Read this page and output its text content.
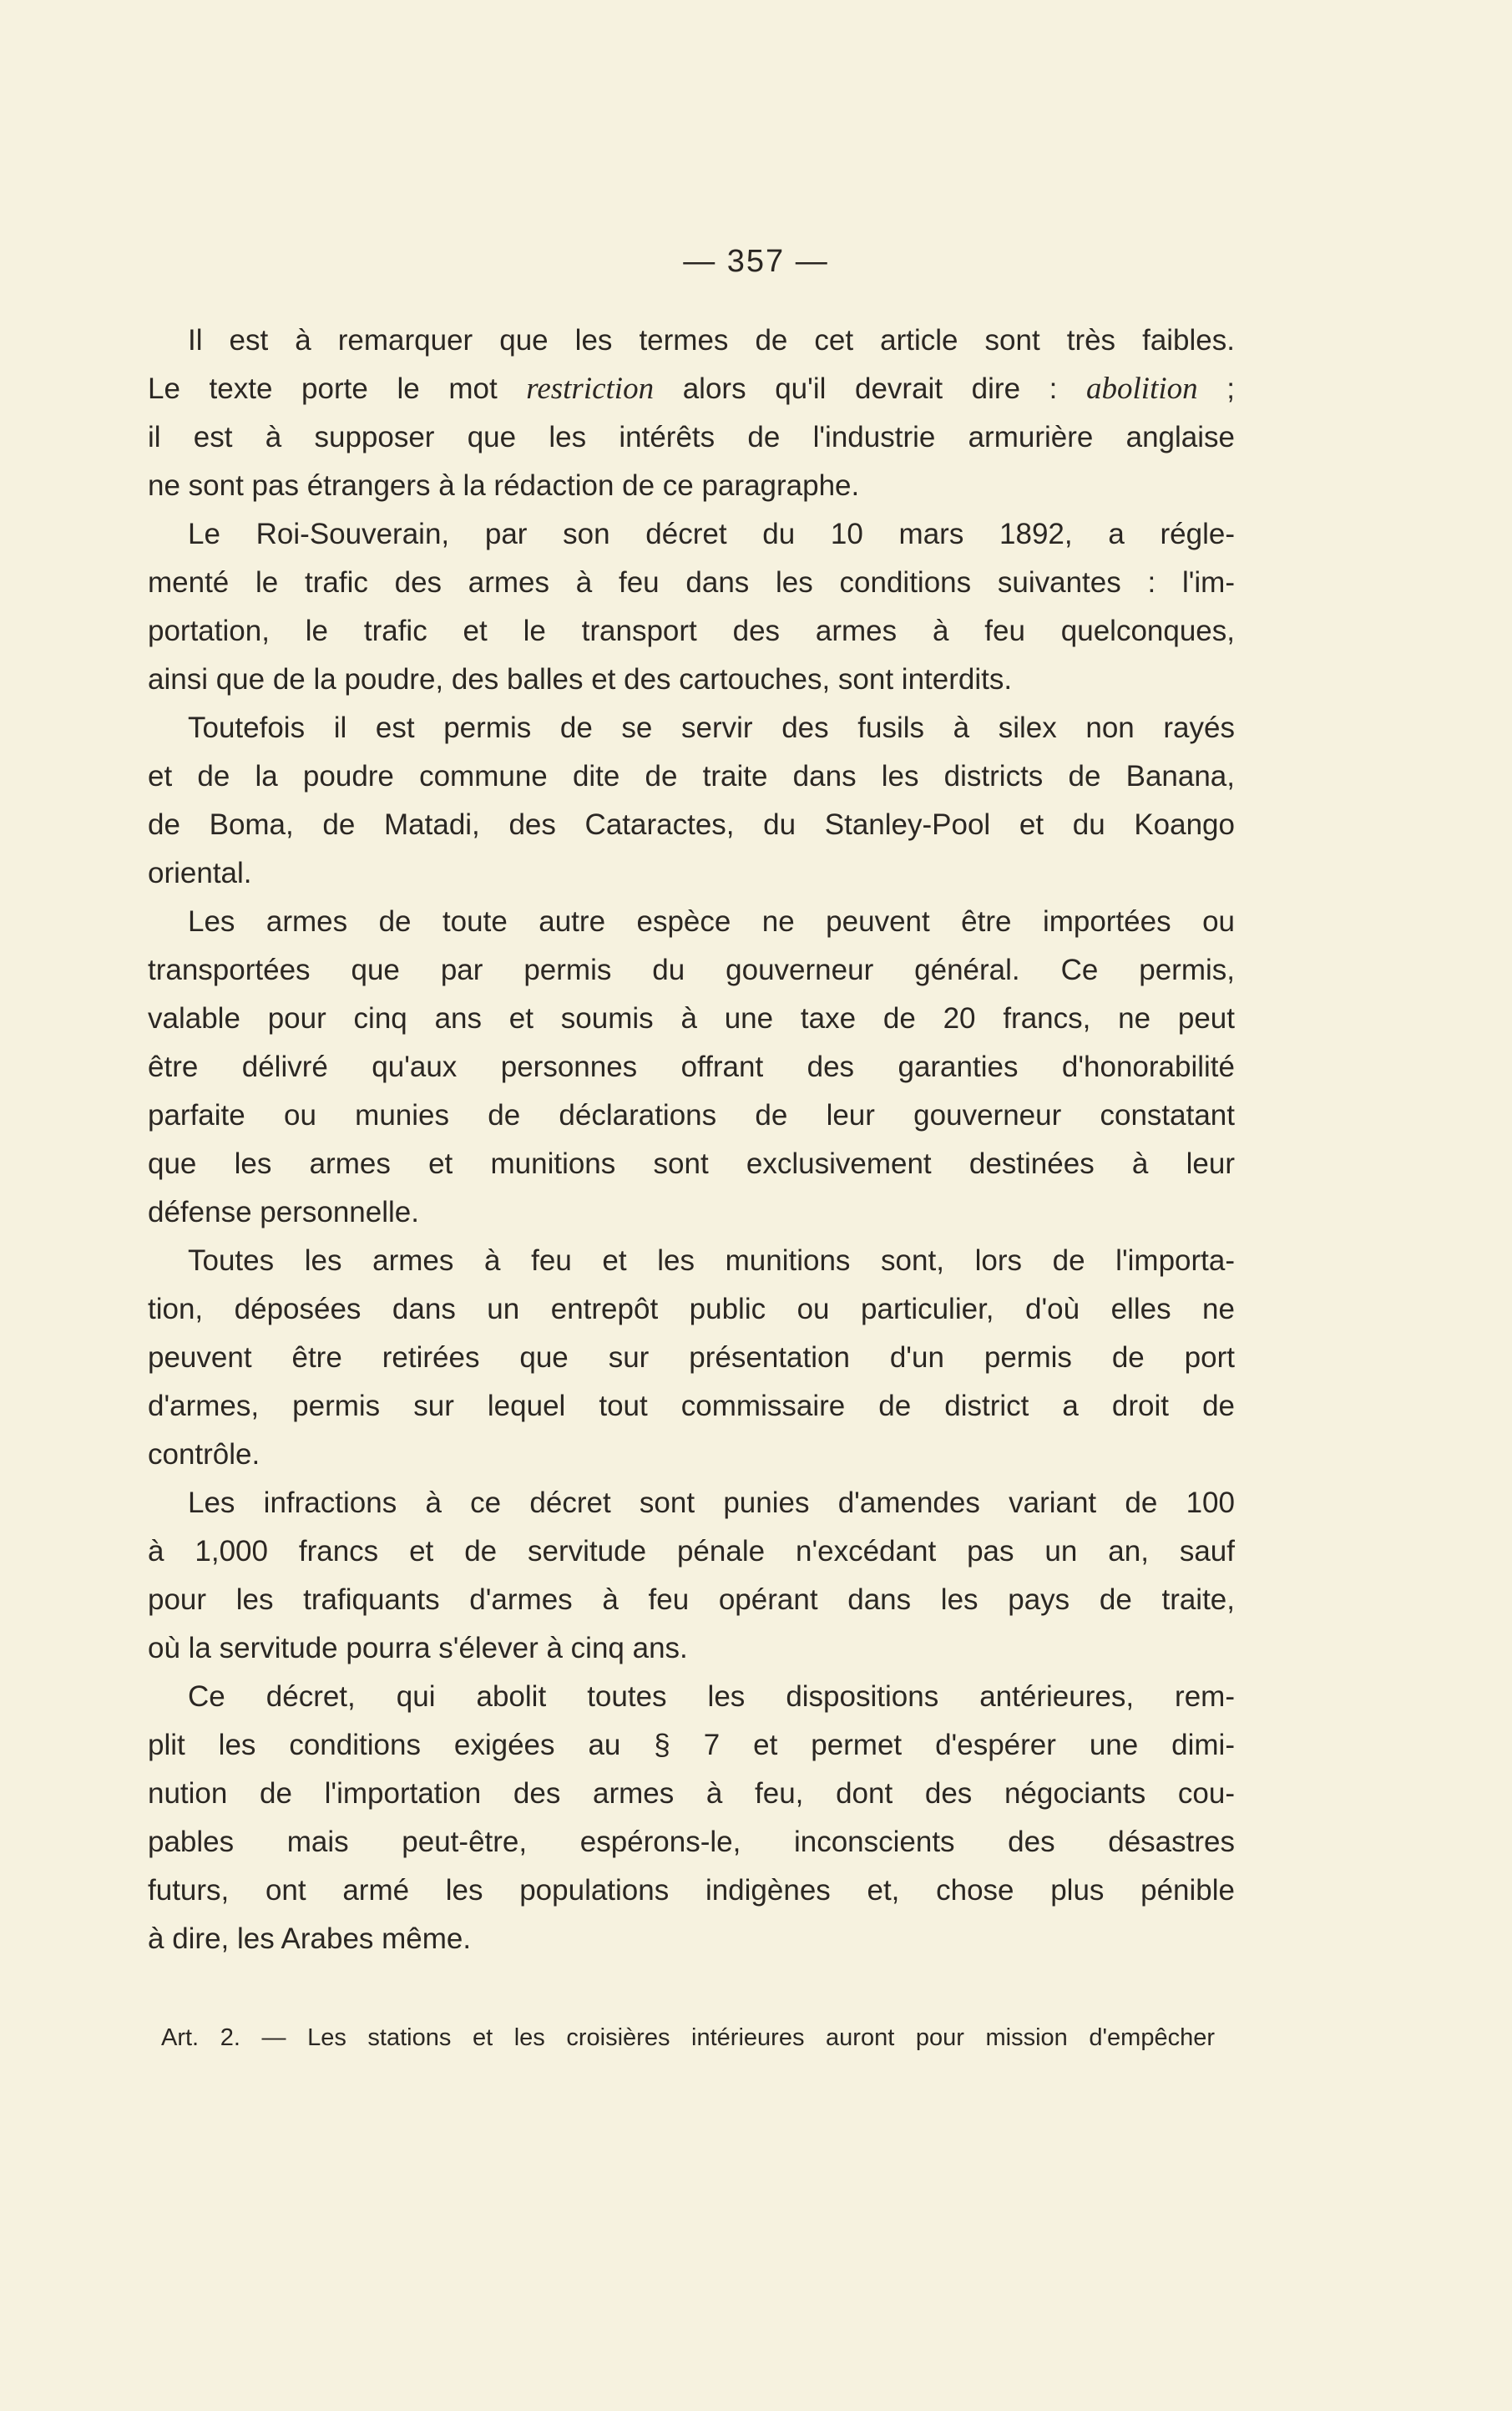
— 357 —
Il est à remarquer que les termes de cet article sont très faibles.
Le texte porte le mot restriction alors qu'il devrait dire : abolition ;
il est à supposer que les intérêts de l'industrie armurière anglaise
ne sont pas étrangers à la rédaction de ce paragraphe.
Le Roi-Souverain, par son décret du 10 mars 1892, a régle-
menté le trafic des armes à feu dans les conditions suivantes : l'im-
portation, le trafic et le transport des armes à feu quelconques,
ainsi que de la poudre, des balles et des cartouches, sont interdits.
Toutefois il est permis de se servir des fusils à silex non rayés
et de la poudre commune dite de traite dans les districts de Banana,
de Boma, de Matadi, des Cataractes, du Stanley-Pool et du Koango
oriental.
Les armes de toute autre espèce ne peuvent être importées ou
transportées que par permis du gouverneur général. Ce permis,
valable pour cinq ans et soumis à une taxe de 20 francs, ne peut
être délivré qu'aux personnes offrant des garanties d'honorabilité
parfaite ou munies de déclarations de leur gouverneur constatant
que les armes et munitions sont exclusivement destinées à leur
défense personnelle.
Toutes les armes à feu et les munitions sont, lors de l'importa-
tion, déposées dans un entrepôt public ou particulier, d'où elles ne
peuvent être retirées que sur présentation d'un permis de port
d'armes, permis sur lequel tout commissaire de district a droit de
contrôle.
Les infractions à ce décret sont punies d'amendes variant de 100
à 1,000 francs et de servitude pénale n'excédant pas un an, sauf
pour les trafiquants d'armes à feu opérant dans les pays de traite,
où la servitude pourra s'élever à cinq ans.
Ce décret, qui abolit toutes les dispositions antérieures, rem-
plit les conditions exigées au § 7 et permet d'espérer une dimi-
nution de l'importation des armes à feu, dont des négociants cou-
pables mais peut-être, espérons-le, inconscients des désastres
futurs, ont armé les populations indigènes et, chose plus pénible
à dire, les Arabes même.
Art. 2. — Les stations et les croisières intérieures auront pour mission d'empêcher
